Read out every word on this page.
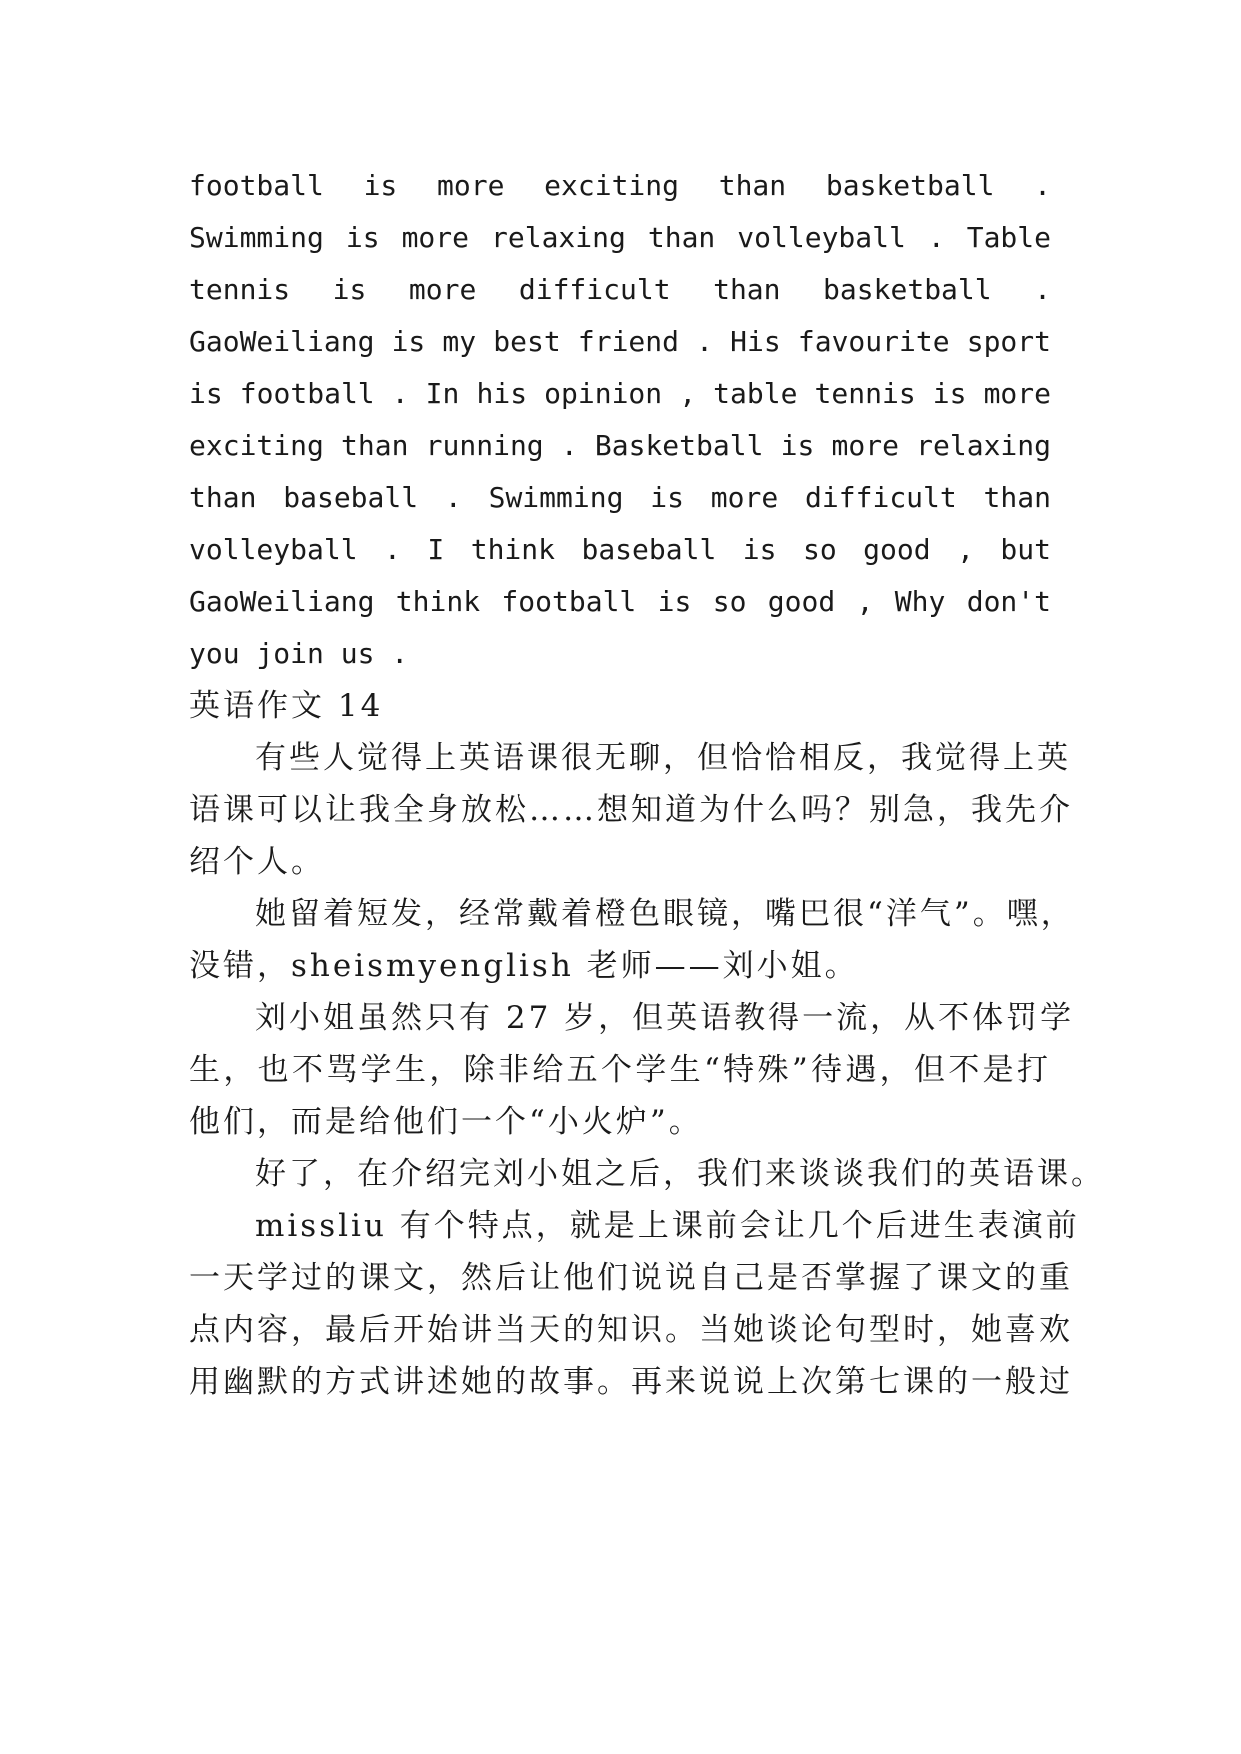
football is more exciting than basketball .
Swimming is more relaxing than volleyball . Table
tennis is more difficult than basketball .
GaoWeiliang is my best friend . His favourite sport
is football . In his opinion , table tennis is more
exciting than running . Basketball is more relaxing
than baseball . Swimming is more difficult than
volleyball . I think baseball is so good , but
GaoWeiliang think football is so good , Why don't
you join us .
英语作文 14
有些人觉得上英语课很无聊，但恰恰相反，我觉得上英
语课可以让我全身放松……想知道为什么吗？别急，我先介
绍个人。
她留着短发，经常戴着橙色眼镜，嘴巴很“洋气”。嘿，
没错，sheismyenglish 老师——刘小姐。
刘小姐虽然只有 27 岁，但英语教得一流，从不体罚学
生，也不骂学生，除非给五个学生“特殊”待遇，但不是打
他们，而是给他们一个“小火炉”。
好了，在介绍完刘小姐之后，我们来谈谈我们的英语课。
missliu 有个特点，就是上课前会让几个后进生表演前
一天学过的课文，然后让他们说说自己是否掌握了课文的重
点内容，最后开始讲当天的知识。当她谈论句型时，她喜欢
用幽默的方式讲述她的故事。再来说说上次第七课的一般过
